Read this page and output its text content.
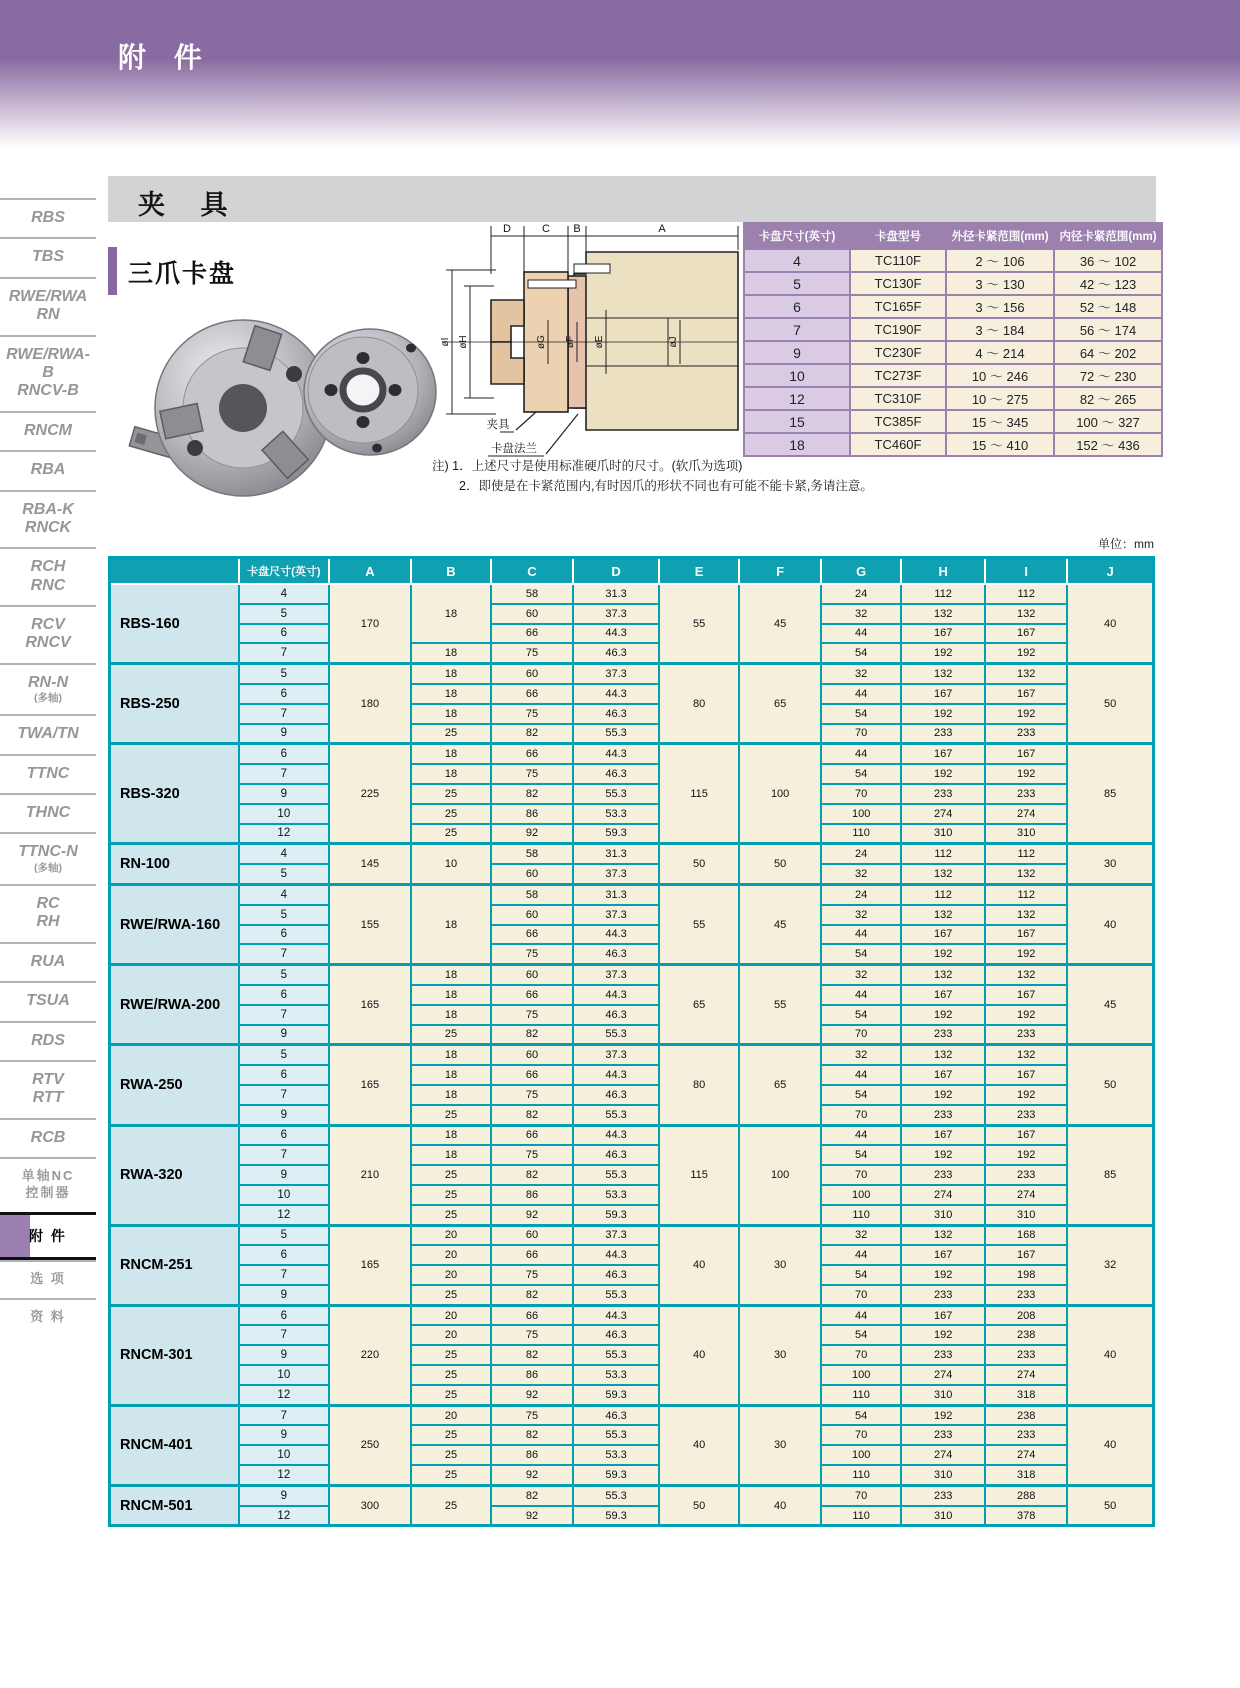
附 件
夹 具
三爪卡盘
RBS
TBS
RWE/RWA
RN
RWE/RWA-B
RNCV-B
RNCM
RBA
RBA-K
RNCK
RCH
RNC
RCV
RNCV
RN-N
(多轴)
TWA/TN
TTNC
THNC
TTNC-N
(多轴)
RC
RH
RUA
TSUA
RDS
RTV
RTT
RCB
单轴NC
控制器
附 件
选 项
资 料
D	C B	A
øI øH	øG øF øE	øJ
夹具
卡盘法兰
卡盘尺寸(英寸)	卡盘型号	外径卡紧范围(mm)	内径卡紧范围(mm)
4	TC110F	2 ～ 106	36 ～ 102
5	TC130F	3 ～ 130	42 ～ 123
6	TC165F	3 ～ 156	52 ～ 148
7	TC190F	3 ～ 184	56 ～ 174
9	TC230F	4 ～ 214	64 ～ 202
10	TC273F	10 ～ 246	72 ～ 230
12	TC310F	10 ～ 275	82 ～ 265
15	TC385F	15 ～ 345	100 ～ 327
18	TC460F	15 ～ 410	152 ～ 436
注) 1．上述尺寸是使用标准硬爪时的尺寸。(软爪为选项)
2．即使是在卡紧范围内,有时因爪的形状不同也有可能不能卡紧,务请注意。
单位：mm
	卡盘尺寸(英寸)	A	B	C	D	E	F	G	H	I	J
RBS-160	4	170	18	58	31.3	55	45	24	112	112	40
	5			60	37.3			32	132	132	
	6			66	44.3			44	167	167	
	7		18	75	46.3			54	192	192	
RBS-250	5	180	18	60	37.3	80	65	32	132	132	50
	6		18	66	44.3			44	167	167	
	7		18	75	46.3			54	192	192	
	9		25	82	55.3			70	233	233	
RBS-320	6	225	18	66	44.3	115	100	44	167	167	85
	7		18	75	46.3			54	192	192	
	9		25	82	55.3			70	233	233	
	10		25	86	53.3			100	274	274	
	12		25	92	59.3			110	310	310	
RN-100	4	145	10	58	31.3	50	50	24	112	112	30
	5			60	37.3			32	132	132	
RWE/RWA-160	4	155	18	58	31.3	55	45	24	112	112	40
	5			60	37.3			32	132	132	
	6			66	44.3			44	167	167	
	7			75	46.3			54	192	192	
RWE/RWA-200	5	165	18	60	37.3	65	55	32	132	132	45
	6		18	66	44.3			44	167	167	
	7		18	75	46.3			54	192	192	
	9		25	82	55.3			70	233	233	
RWA-250	5	165	18	60	37.3	80	65	32	132	132	50
	6		18	66	44.3			44	167	167	
	7		18	75	46.3			54	192	192	
	9		25	82	55.3			70	233	233	
RWA-320	6	210	18	66	44.3	115	100	44	167	167	85
	7		18	75	46.3			54	192	192	
	9		25	82	55.3			70	233	233	
	10		25	86	53.3			100	274	274	
	12		25	92	59.3			110	310	310	
RNCM-251	5	165	20	60	37.3	40	30	32	132	168	32
	6		20	66	44.3			44	167	167	
	7		20	75	46.3			54	192	198	
	9		25	82	55.3			70	233	233	
RNCM-301	6	220	20	66	44.3	40	30	44	167	208	40
	7		20	75	46.3			54	192	238	
	9		25	82	55.3			70	233	233	
	10		25	86	53.3			100	274	274	
	12		25	92	59.3			110	310	318	
RNCM-401	7	250	20	75	46.3	40	30	54	192	238	40
	9		25	82	55.3			70	233	233	
	10		25	86	53.3			100	274	274	
	12		25	92	59.3			110	310	318	
RNCM-501	9	300	25	82	55.3	50	40	70	233	288	50
	12			92	59.3			110	310	378	
